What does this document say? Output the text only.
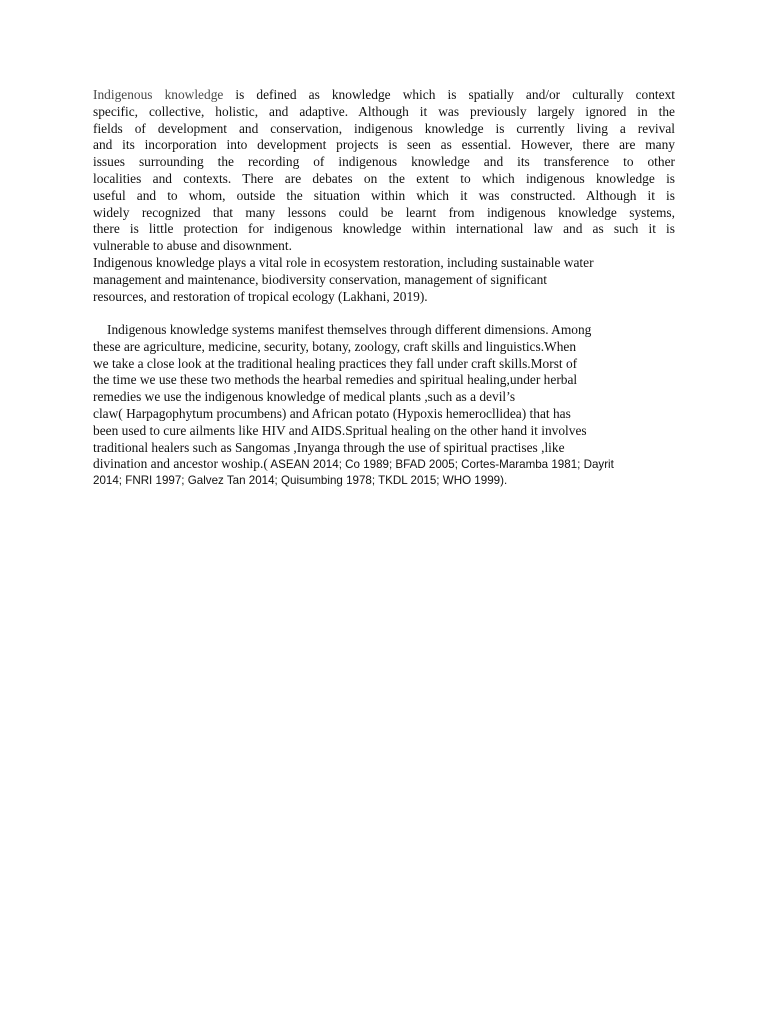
Indigenous knowledge is defined as knowledge which is spatially and/or culturally context
specific, collective, holistic, and adaptive. Although it was previously largely ignored in the
fields of development and conservation, indigenous knowledge is currently living a revival
and its incorporation into development projects is seen as essential. However, there are many
issues surrounding the recording of indigenous knowledge and its transference to other
localities and contexts. There are debates on the extent to which indigenous knowledge is
useful and to whom, outside the situation within which it was constructed. Although it is
widely recognized that many lessons could be learnt from indigenous knowledge systems,
there is little protection for indigenous knowledge within international law and as such it is
vulnerable to abuse and disownment.
Indigenous knowledge plays a vital role in ecosystem restoration, including sustainable water
management and maintenance, biodiversity conservation, management of significant
resources, and restoration of tropical ecology (Lakhani, 2019).
Indigenous knowledge systems manifest themselves through different dimensions. Among
these are agriculture, medicine, security, botany, zoology, craft skills and linguistics.When
we take a close look at the traditional healing practices they fall under craft skills.Morst of
the time we use these two methods the hearbal remedies and spiritual healing,under herbal
remedies we use the indigenous knowledge of medical plants ,such as a devil’s
claw( Harpagophytum procumbens) and African potato (Hypoxis hemerocllidea) that has
been used to cure ailments like HIV and AIDS.Spritual healing on the other hand it involves
traditional healers such as Sangomas ,Inyanga through the use of spiritual practises ,like
divination and ancestor woship.( ASEAN 2014; Co 1989; BFAD 2005; Cortes-Maramba 1981; Dayrit
2014; FNRI 1997; Galvez Tan 2014; Quisumbing 1978; TKDL 2015; WHO 1999).
